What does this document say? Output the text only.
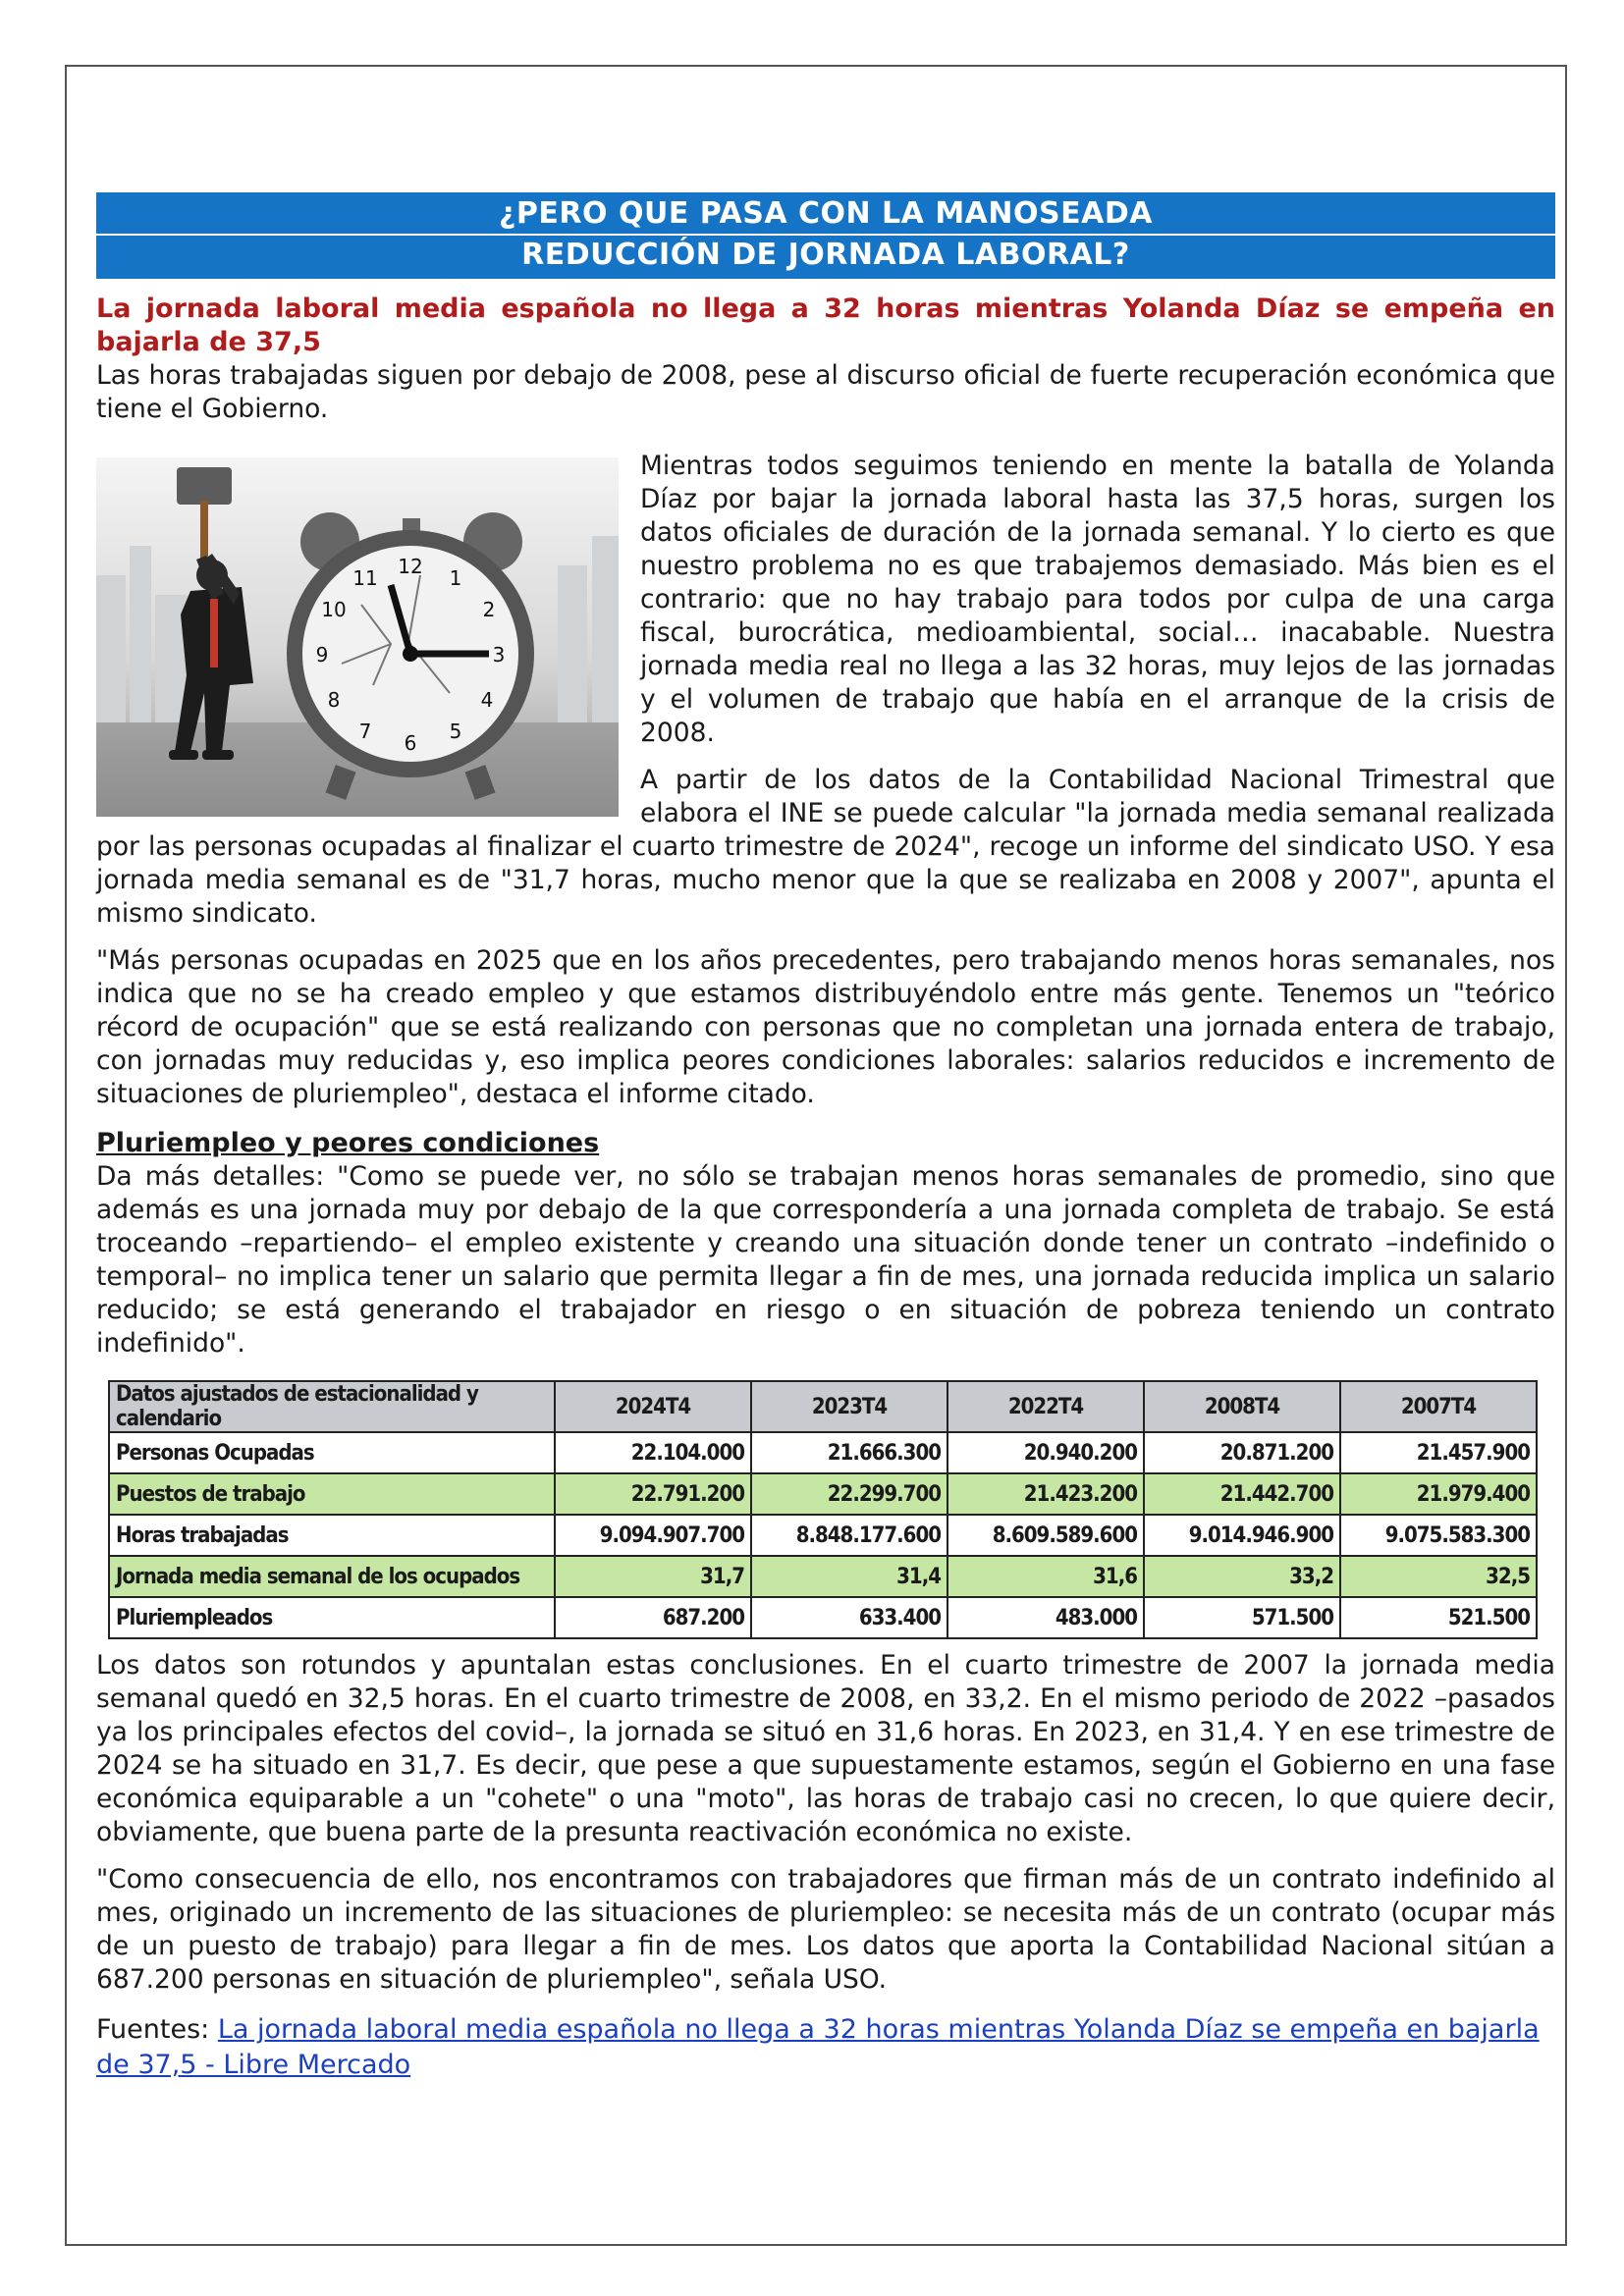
¿PERO QUE PASA CON LA MANOSEADA
REDUCCIÓN DE JORNADA LABORAL?
La jornada laboral media española no llega a 32 horas mientras Yolanda Díaz se empeña en bajarla de 37,5

Las horas trabajadas siguen por debajo de 2008, pese al discurso oficial de fuerte recuperación económica que tiene el Gobierno.

12 1
2
3
4
5
6
7
8
9
10
11

Mientras todos seguimos teniendo en mente la batalla de Yolanda Díaz por bajar la jornada laboral hasta las 37,5 horas, surgen los datos oficiales de duración de la jornada semanal. Y lo cierto es que nuestro problema no es que trabajemos demasiado. Más bien es el contrario: que no hay trabajo para todos por culpa de una carga fiscal, burocrática, medioambiental, social… inacabable. Nuestra jornada media real no llega a las 32 horas, muy lejos de las jornadas y el volumen de trabajo que había en el arranque de la crisis de 2008.

A partir de los datos de la Contabilidad Nacional Trimestral que elabora el INE se puede calcular "la jornada media semanal realizada por las personas ocupadas al finalizar el cuarto trimestre de 2024", recoge un informe del sindicato USO. Y esa jornada media semanal es de "31,7 horas, mucho menor que la que se realizaba en 2008 y 2007", apunta el mismo sindicato.

"Más personas ocupadas en 2025 que en los años precedentes, pero trabajando menos horas semanales, nos indica que no se ha creado empleo y que estamos distribuyéndolo entre más gente. Tenemos un "teórico récord de ocupación" que se está realizando con personas que no completan una jornada entera de trabajo, con jornadas muy reducidas y, eso implica peores condiciones laborales: salarios reducidos e incremento de situaciones de pluriempleo", destaca el informe citado.

Pluriempleo y peores condiciones

Da más detalles: "Como se puede ver, no sólo se trabajan menos horas semanales de promedio, sino que además es una jornada muy por debajo de la que correspondería a una jornada completa de trabajo. Se está troceando –repartiendo– el empleo existente y creando una situación donde tener un contrato –indefinido o temporal– no implica tener un salario que permita llegar a fin de mes, una jornada reducida implica un salario reducido; se está generando el trabajador en riesgo o en situación de pobreza teniendo un contrato indefinido".

Datos ajustados de estacionalidad y calendario	2024T4	2023T4	2022T4	2008T4	2007T4
Personas Ocupadas	22.104.000	21.666.300	20.940.200	20.871.200	21.457.900
Puestos de trabajo	22.791.200	22.299.700	21.423.200	21.442.700	21.979.400
Horas trabajadas	9.094.907.700	8.848.177.600	8.609.589.600	9.014.946.900	9.075.583.300
Jornada media semanal de los ocupados	31,7	31,4	31,6	33,2	32,5
Pluriempleados	687.200	633.400	483.000	571.500	521.500

Los datos son rotundos y apuntalan estas conclusiones. En el cuarto trimestre de 2007 la jornada media semanal quedó en 32,5 horas. En el cuarto trimestre de 2008, en 33,2. En el mismo periodo de 2022 –pasados ya los principales efectos del covid–, la jornada se situó en 31,6 horas. En 2023, en 31,4. Y en ese trimestre de 2024 se ha situado en 31,7. Es decir, que pese a que supuestamente estamos, según el Gobierno en una fase económica equiparable a un "cohete" o una "moto", las horas de trabajo casi no crecen, lo que quiere decir, obviamente, que buena parte de la presunta reactivación económica no existe.

"Como consecuencia de ello, nos encontramos con trabajadores que firman más de un contrato indefinido al mes, originado un incremento de las situaciones de pluriempleo: se necesita más de un contrato (ocupar más de un puesto de trabajo) para llegar a fin de mes. Los datos que aporta la Contabilidad Nacional sitúan a 687.200 personas en situación de pluriempleo", señala USO.

Fuentes: La jornada laboral media española no llega a 32 horas mientras Yolanda Díaz se empeña en bajarla de 37,5 - Libre Mercado
